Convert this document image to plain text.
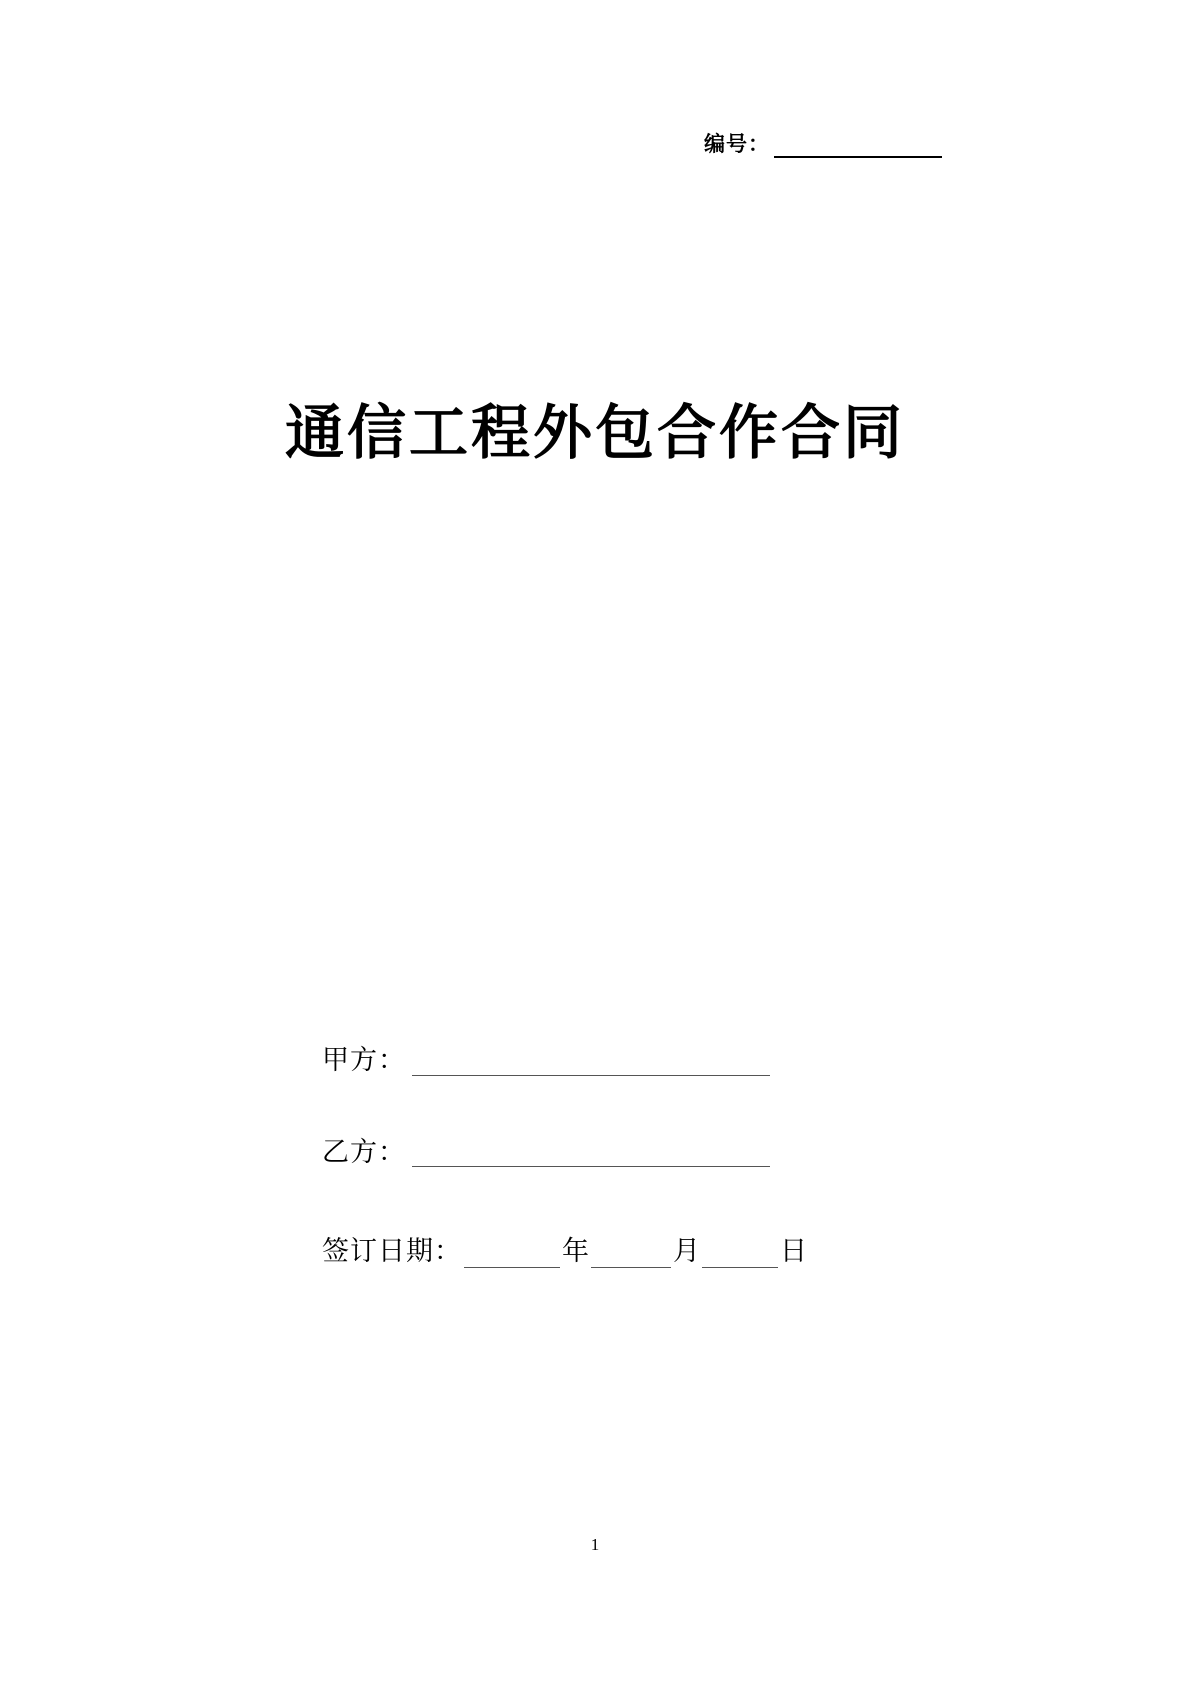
编号：
通信工程外包合作合同
甲方：
乙方：
签订日期：	年	月	日
1
